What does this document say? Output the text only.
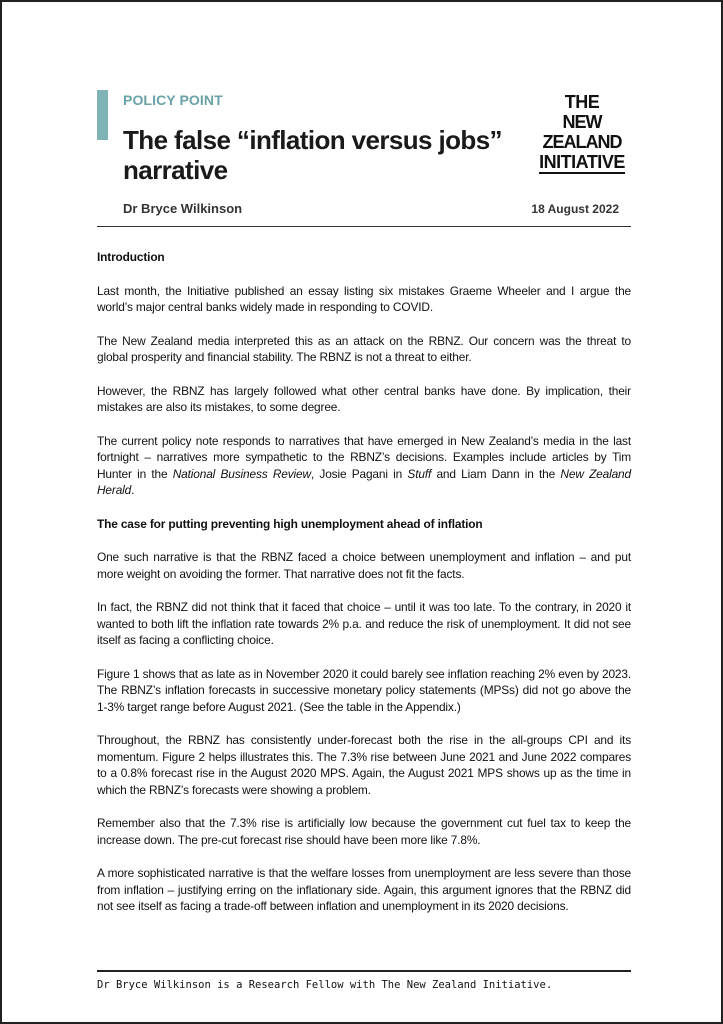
POLICY POINT
The false “inflation versus jobs” narrative
THE
NEW ZEALAND
INITIATIVE
Dr Bryce Wilkinson	18 August 2022
Introduction

Last month, the Initiative published an essay listing six mistakes Graeme Wheeler and I argue the world’s major central banks widely made in responding to COVID.

The New Zealand media interpreted this as an attack on the RBNZ. Our concern was the threat to global prosperity and financial stability. The RBNZ is not a threat to either.

However, the RBNZ has largely followed what other central banks have done. By implication, their mistakes are also its mistakes, to some degree.

The current policy note responds to narratives that have emerged in New Zealand’s media in the last fortnight – narratives more sympathetic to the RBNZ’s decisions. Examples include articles by Tim Hunter in the National Business Review, Josie Pagani in Stuff and Liam Dann in the New Zealand Herald.

The case for putting preventing high unemployment ahead of inflation

One such narrative is that the RBNZ faced a choice between unemployment and inflation – and put more weight on avoiding the former. That narrative does not fit the facts.

In fact, the RBNZ did not think that it faced that choice – until it was too late. To the contrary, in 2020 it wanted to both lift the inflation rate towards 2% p.a. and reduce the risk of unemployment. It did not see itself as facing a conflicting choice.

Figure 1 shows that as late as in November 2020 it could barely see inflation reaching 2% even by 2023. The RBNZ’s inflation forecasts in successive monetary policy statements (MPSs) did not go above the 1-3% target range before August 2021. (See the table in the Appendix.)

Throughout, the RBNZ has consistently under-forecast both the rise in the all-groups CPI and its momentum. Figure 2 helps illustrates this. The 7.3% rise between June 2021 and June 2022 compares to a 0.8% forecast rise in the August 2020 MPS. Again, the August 2021 MPS shows up as the time in which the RBNZ’s forecasts were showing a problem.

Remember also that the 7.3% rise is artificially low because the government cut fuel tax to keep the increase down. The pre-cut forecast rise should have been more like 7.8%.

A more sophisticated narrative is that the welfare losses from unemployment are less severe than those from inflation – justifying erring on the inflationary side. Again, this argument ignores that the RBNZ did not see itself as facing a trade-off between inflation and unemployment in its 2020 decisions.

Dr Bryce Wilkinson is a Research Fellow with The New Zealand Initiative.
